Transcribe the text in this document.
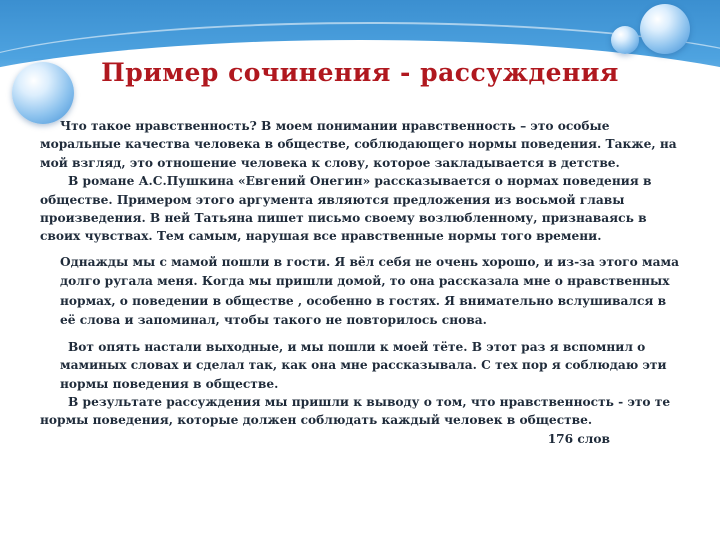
Пример сочинения - рассуждения

Что такое нравственность? В моем понимании нравственность – это особые моральные качества человека в обществе, соблюдающего нормы поведения. Также, на мой взгляд, это отношение человека к слову, которое закладывается в детстве.

В романе А.С.Пушкина «Евгений Онегин» рассказывается о нормах поведения в обществе. Примером этого аргумента являются предложения из восьмой главы произведения. В ней Татьяна пишет письмо своему возлюбленному, признаваясь в своих чувствах. Тем самым, нарушая все нравственные нормы того времени.

Однажды мы с мамой пошли в гости. Я вёл себя не очень хорошо, и из-за этого мама долго ругала меня. Когда мы пришли домой, то она рассказала мне о нравственных нормах, о поведении в обществе , особенно в гостях. Я внимательно вслушивался в её слова и запоминал, чтобы такого не повторилось снова.

Вот опять настали выходные, и мы пошли к моей тёте. В этот раз я вспомнил о маминых словах и сделал так, как она мне рассказывала. С тех пор я соблюдаю эти нормы поведения в обществе.

В результате рассуждения мы пришли к выводу о том, что нравственность - это те нормы поведения, которые должен соблюдать каждый человек в обществе.

176 слов
